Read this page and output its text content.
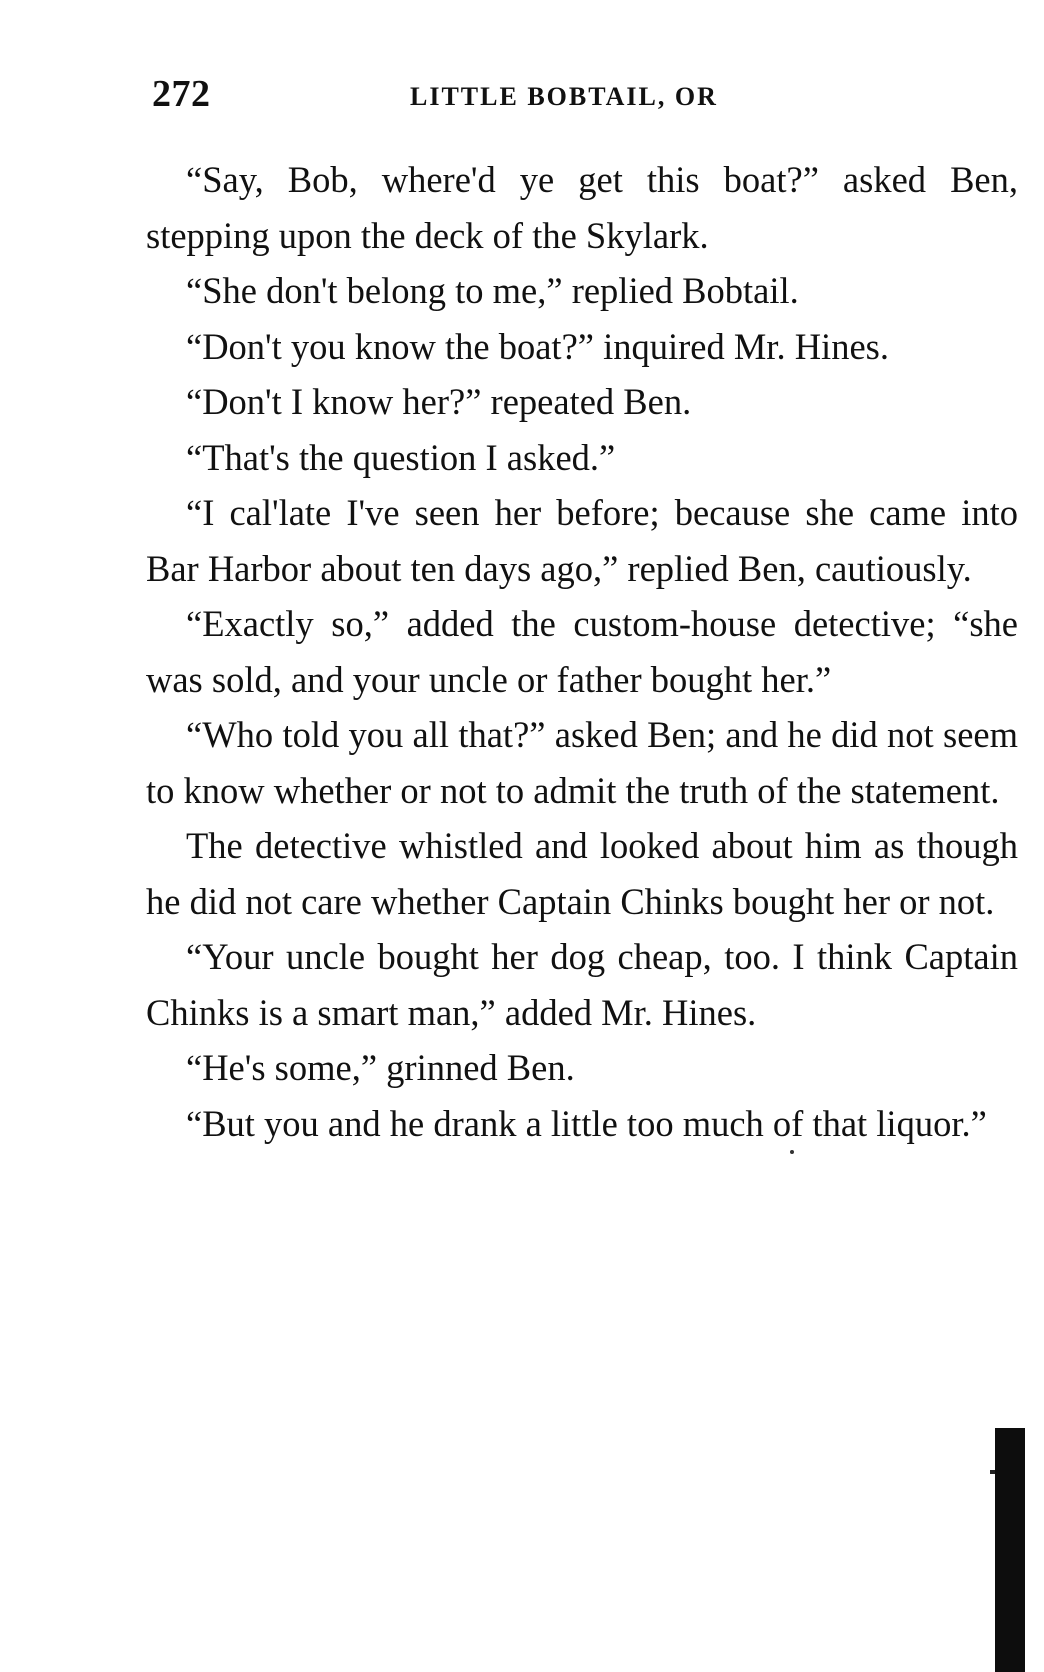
272	LITTLE BOBTAIL, OR

“Say, Bob, where'd ye get this boat?” asked Ben, stepping upon the deck of the Skylark.

“She don't belong to me,” replied Bobtail.

“Don't you know the boat?” inquired Mr. Hines.

“Don't I know her?” repeated Ben.

“That's the question I asked.”

“I cal'late I've seen her before; because she came into Bar Harbor about ten days ago,” replied Ben, cautiously.

“Exactly so,” added the custom-house detective; “she was sold, and your uncle or father bought her.”

“Who told you all that?” asked Ben; and he did not seem to know whether or not to admit the truth of the statement.

The detective whistled and looked about him as though he did not care whether Captain Chinks bought her or not.

“Your uncle bought her dog cheap, too. I think Captain Chinks is a smart man,” added Mr. Hines.

“He's some,” grinned Ben.

“But you and he drank a little too much of that liquor.”
